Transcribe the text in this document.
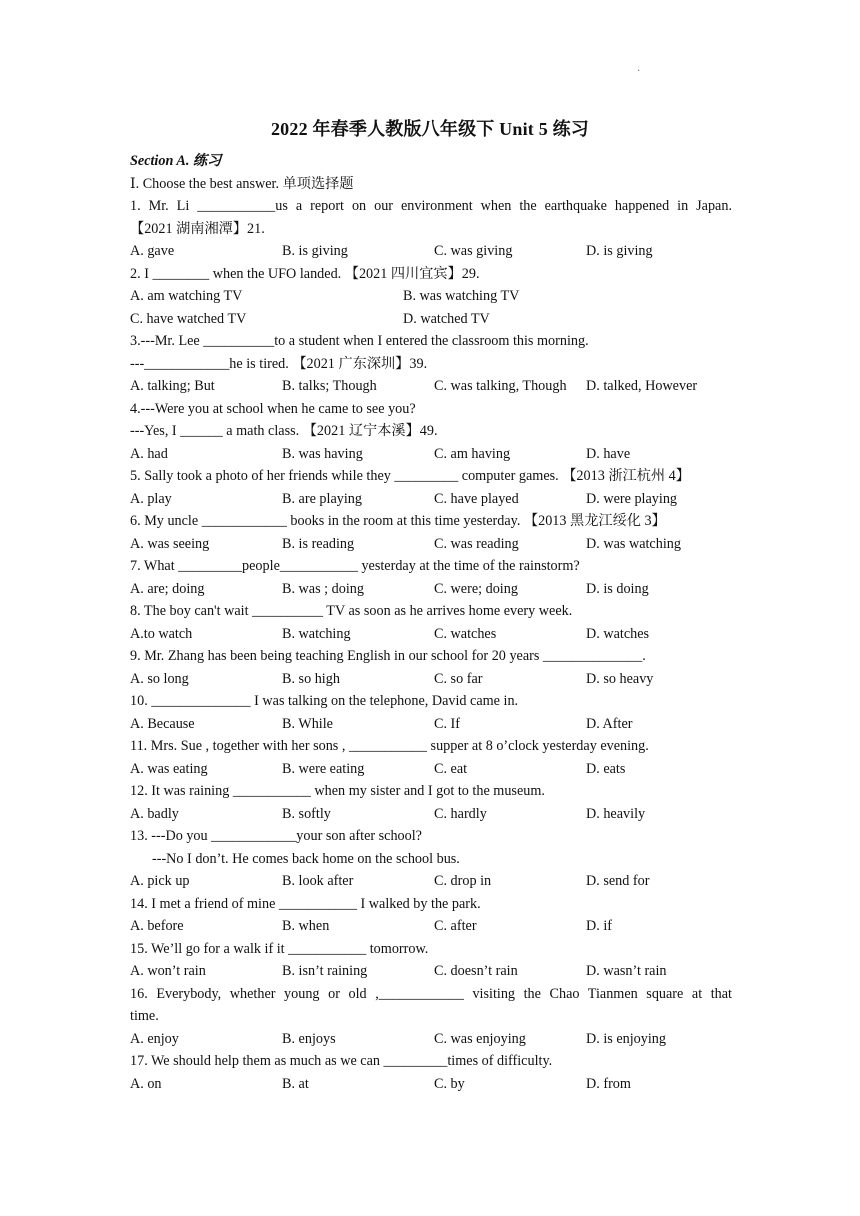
·
2022 年春季人教版八年级下 Unit 5 练习
Section A. 练习
Ⅰ. Choose the best answer. 单项选择题
1. Mr. Li ___________us a report on our environment when the earthquake happened in Japan.
【2021 湖南湘潭】21.
A. gave	B. is giving	C. was giving	D. is giving
2. I ________ when the UFO landed. 【2021 四川宜宾】29.
A. am watching TV	B. was watching TV
C. have watched TV	D. watched TV
3.---Mr. Lee __________to a student when I entered the classroom this morning.
---____________he is tired. 【2021 广东深圳】39.
A. talking; But	B. talks; Though	C. was talking, Though	D. talked, However
4.---Were you at school when he came to see you?
---Yes, I ______ a math class. 【2021 辽宁本溪】49.
A. had	B. was having	C. am having	D. have
5. Sally took a photo of her friends while they _________ computer games. 【2013 浙江杭州 4】
A. play	B. are playing	C. have played	D. were playing
6. My uncle ____________ books in the room at this time yesterday. 【2013 黑龙江绥化 3】
A. was seeing	B. is reading	C. was reading	D. was watching
7. What _________people___________ yesterday at the time of the rainstorm?
A. are; doing	B. was ; doing	C. were; doing	D. is doing
8. The boy can't wait __________ TV as soon as he arrives home every week.
A.to watch	B. watching	C. watches	D. watches
9. Mr. Zhang has been being teaching English in our school for 20 years ______________.
A. so long	B. so high	C. so far	D. so heavy
10. ______________ I was talking on the telephone, David came in.
A. Because	B. While	C. If	D. After
11. Mrs. Sue , together with her sons , ___________ supper at 8 o’clock yesterday evening.
A. was eating	B. were eating	C. eat	D. eats
12. It was raining ___________ when my sister and I got to the museum.
A. badly	B. softly	C. hardly	D. heavily
13. ---Do you ____________your son after school?
---No I don’t. He comes back home on the school bus.
A. pick up	B. look after	C. drop in	D. send for
14. I met a friend of mine ___________ I walked by the park.
A. before	B. when	C. after	D. if
15. We’ll go for a walk if it ___________ tomorrow.
A. won’t rain	B. isn’t raining	C. doesn’t rain	D. wasn’t rain
16. Everybody, whether young or old ,____________ visiting the Chao Tianmen square at that
time.
A. enjoy	B. enjoys	C. was enjoying	D. is enjoying
17. We should help them as much as we can _________times of difficulty.
A. on	B. at	C. by	D. from
